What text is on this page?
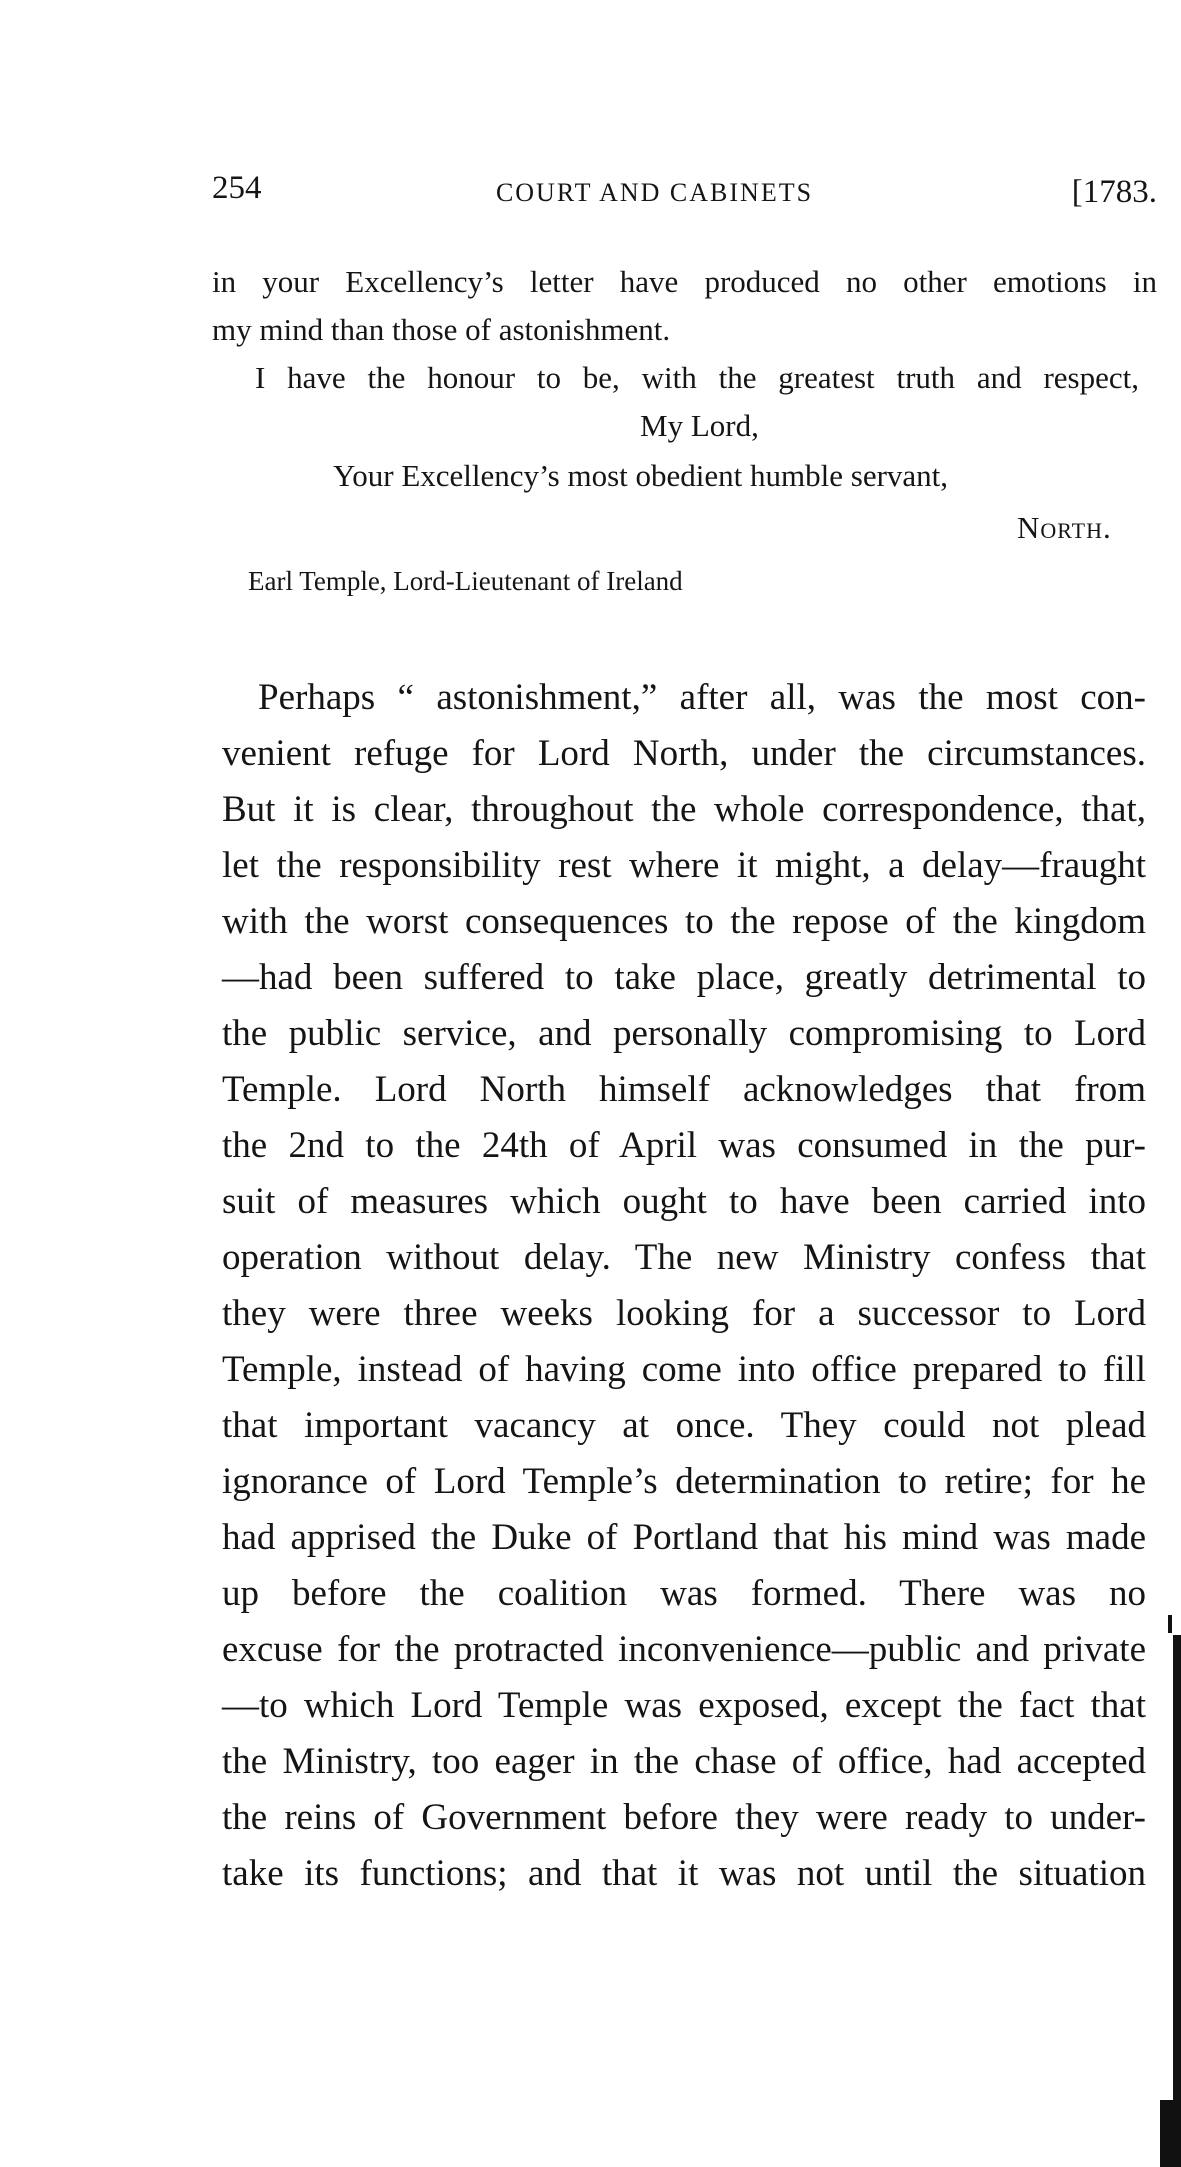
254	COURT AND CABINETS	[1783.
in your Excellency’s letter have produced no other emotions in
my mind than those of astonishment.
I have the honour to be, with the greatest truth and respect,
My Lord,
Your Excellency’s most obedient humble servant,
North.
Earl Temple, Lord-Lieutenant of Ireland
Perhaps “ astonishment,” after all, was the most con-
venient refuge for Lord North, under the circumstances.
But it is clear, throughout the whole correspondence, that,
let the responsibility rest where it might, a delay—fraught
with the worst consequences to the repose of the kingdom
—had been suffered to take place, greatly detrimental to
the public service, and personally compromising to Lord
Temple. Lord North himself acknowledges that from
the 2nd to the 24th of April was consumed in the pur-
suit of measures which ought to have been carried into
operation without delay. The new Ministry confess that
they were three weeks looking for a successor to Lord
Temple, instead of having come into office prepared to fill
that important vacancy at once. They could not plead
ignorance of Lord Temple’s determination to retire; for he
had apprised the Duke of Portland that his mind was made
up before the coalition was formed. There was no
excuse for the protracted inconvenience—public and private
—to which Lord Temple was exposed, except the fact that
the Ministry, too eager in the chase of office, had accepted
the reins of Government before they were ready to under-
take its functions; and that it was not until the situation
